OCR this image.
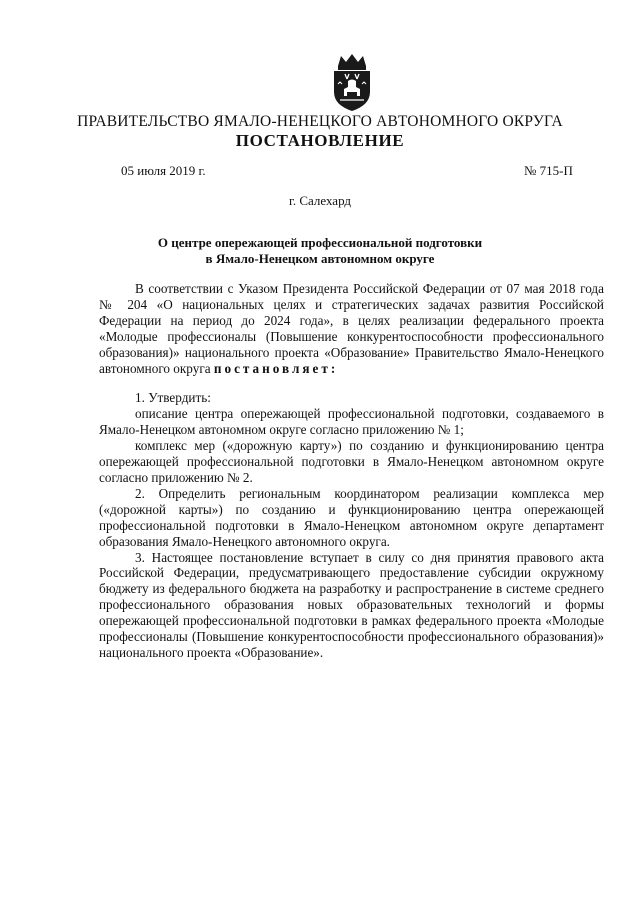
ПРАВИТЕЛЬСТВО ЯМАЛО-НЕНЕЦКОГО АВТОНОМНОГО ОКРУГА
ПОСТАНОВЛЕНИЕ
05 июля 2019 г.	№ 715-П
г. Салехард
О центре опережающей профессиональной подготовки
в Ямало-Ненецком автономном округе

В соответствии с Указом Президента Российской Федерации от 07 мая 2018 года № 204 «О национальных целях и стратегических задачах развития Российской Федерации на период до 2024 года», в целях реализации федерального проекта «Молодые профессионалы (Повышение конкурентоспособности профессионального образования)» национального проекта «Образование» Правительство Ямало-Ненецкого автономного округа постановляет:

1. Утвердить:

описание центра опережающей профессиональной подготовки, создаваемого в Ямало-Ненецком автономном округе согласно приложению № 1;

комплекс мер («дорожную карту») по созданию и функционированию центра опережающей профессиональной подготовки в Ямало-Ненецком автономном округе согласно приложению № 2.

2. Определить региональным координатором реализации комплекса мер («дорожной карты») по созданию и функционированию центра опережающей профессиональной подготовки в Ямало-Ненецком автономном округе департамент образования Ямало-Ненецкого автономного округа.

3. Настоящее постановление вступает в силу со дня принятия правового акта Российской Федерации, предусматривающего предоставление субсидии окружному бюджету из федерального бюджета на разработку и распространение в системе среднего профессионального образования новых образовательных технологий и формы опережающей профессиональной подготовки в рамках федерального проекта «Молодые профессионалы (Повышение конкурентоспособности профессионального образования)» национального проекта «Образование».
